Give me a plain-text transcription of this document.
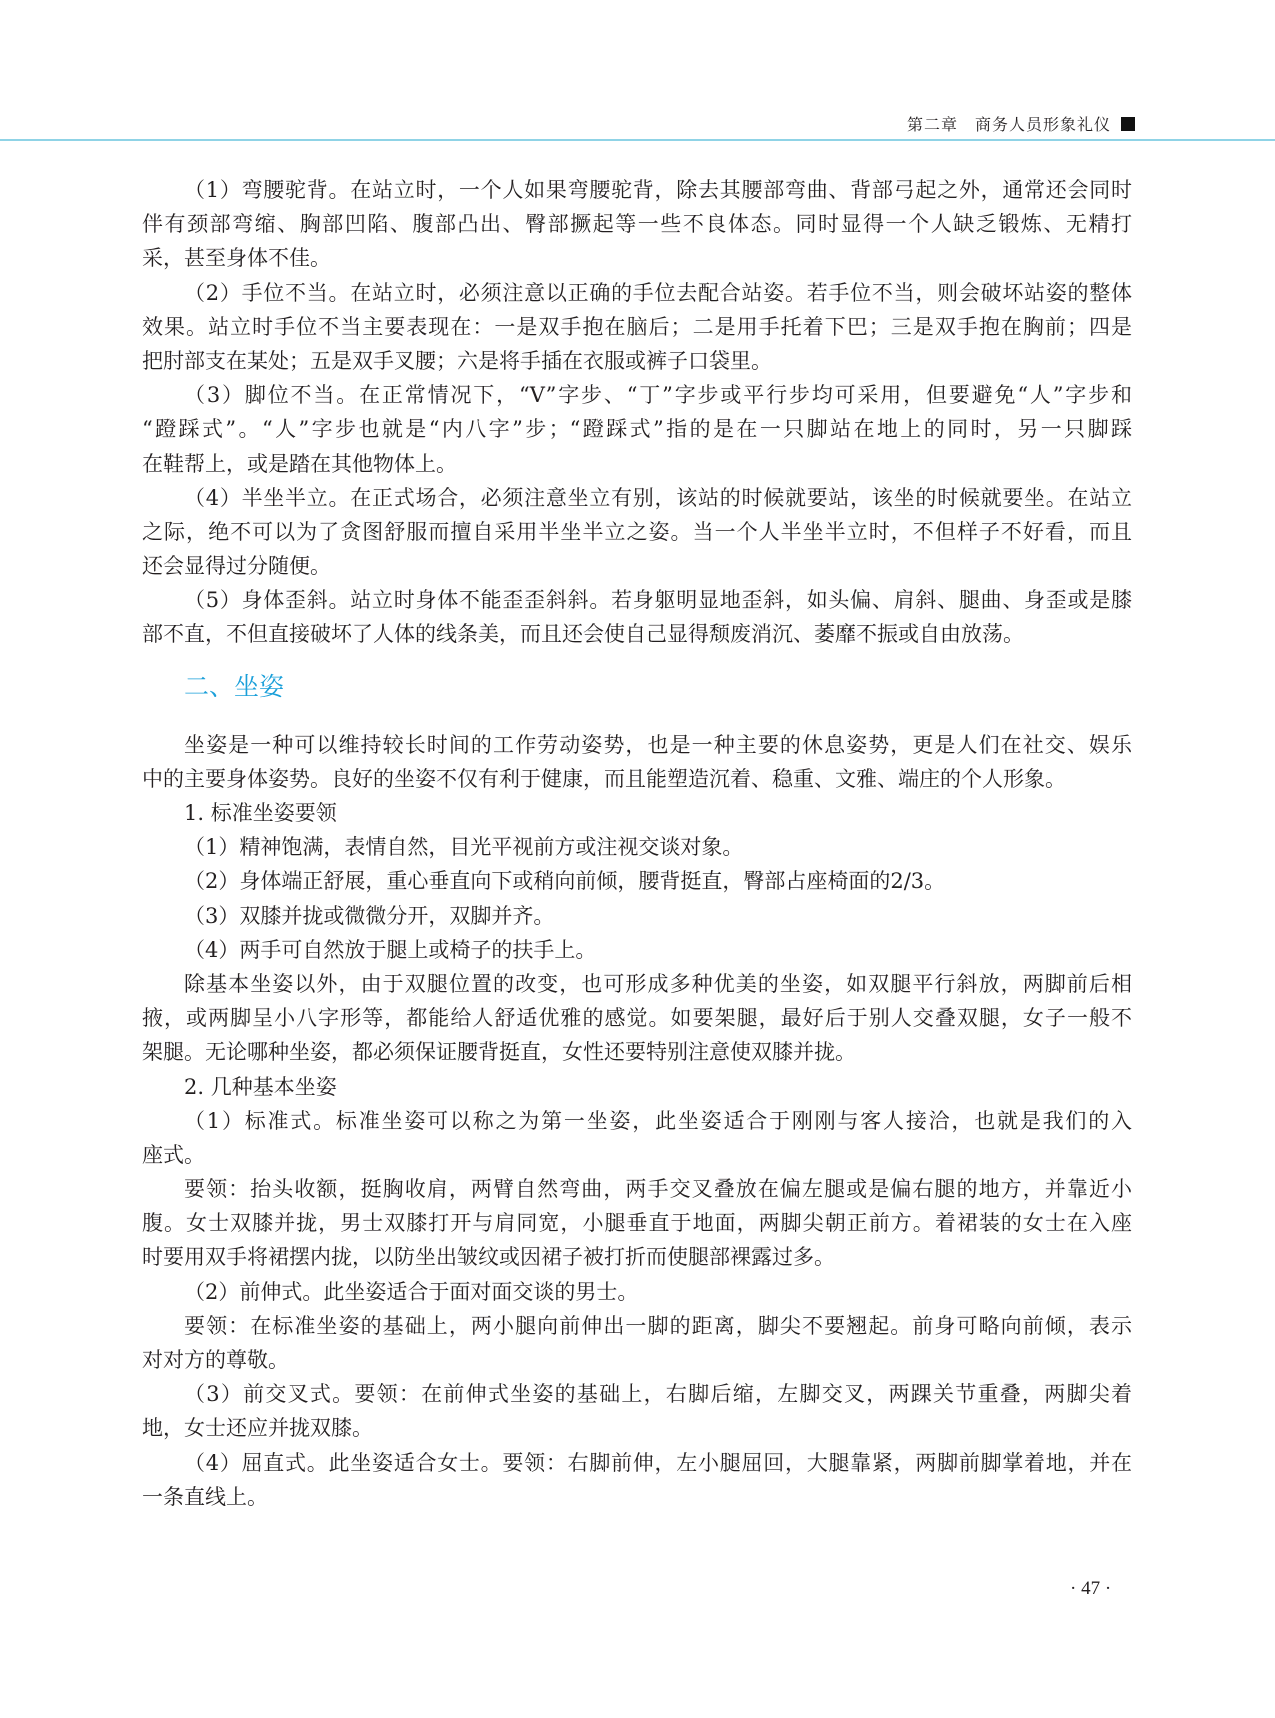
第二章　商务人员形象礼仪
（1）弯腰驼背。在站立时，一个人如果弯腰驼背，除去其腰部弯曲、背部弓起之外，通常还会同时
伴有颈部弯缩、胸部凹陷、腹部凸出、臀部撅起等一些不良体态。同时显得一个人缺乏锻炼、无精打
采，甚至身体不佳。
（2）手位不当。在站立时，必须注意以正确的手位去配合站姿。若手位不当，则会破坏站姿的整体
效果。站立时手位不当主要表现在：一是双手抱在脑后；二是用手托着下巴；三是双手抱在胸前；四是
把肘部支在某处；五是双手叉腰；六是将手插在衣服或裤子口袋里。
（3）脚位不当。在正常情况下，“V”字步、“丁”字步或平行步均可采用，但要避免“人”字步和
“蹬踩式”。“人”字步也就是“内八字”步；“蹬踩式”指的是在一只脚站在地上的同时，另一只脚踩
在鞋帮上，或是踏在其他物体上。
（4）半坐半立。在正式场合，必须注意坐立有别，该站的时候就要站，该坐的时候就要坐。在站立
之际，绝不可以为了贪图舒服而擅自采用半坐半立之姿。当一个人半坐半立时，不但样子不好看，而且
还会显得过分随便。
（5）身体歪斜。站立时身体不能歪歪斜斜。若身躯明显地歪斜，如头偏、肩斜、腿曲、身歪或是膝
部不直，不但直接破坏了人体的线条美，而且还会使自己显得颓废消沉、萎靡不振或自由放荡。
二、坐姿
坐姿是一种可以维持较长时间的工作劳动姿势，也是一种主要的休息姿势，更是人们在社交、娱乐
中的主要身体姿势。良好的坐姿不仅有利于健康，而且能塑造沉着、稳重、文雅、端庄的个人形象。
1. 标准坐姿要领
（1）精神饱满，表情自然，目光平视前方或注视交谈对象。
（2）身体端正舒展，重心垂直向下或稍向前倾，腰背挺直，臀部占座椅面的2/3。
（3）双膝并拢或微微分开，双脚并齐。
（4）两手可自然放于腿上或椅子的扶手上。
除基本坐姿以外，由于双腿位置的改变，也可形成多种优美的坐姿，如双腿平行斜放，两脚前后相
掖，或两脚呈小八字形等，都能给人舒适优雅的感觉。如要架腿，最好后于别人交叠双腿，女子一般不
架腿。无论哪种坐姿，都必须保证腰背挺直，女性还要特别注意使双膝并拢。
2. 几种基本坐姿
（1）标准式。标准坐姿可以称之为第一坐姿，此坐姿适合于刚刚与客人接洽，也就是我们的入
座式。
要领：抬头收额，挺胸收肩，两臂自然弯曲，两手交叉叠放在偏左腿或是偏右腿的地方，并靠近小
腹。女士双膝并拢，男士双膝打开与肩同宽，小腿垂直于地面，两脚尖朝正前方。着裙装的女士在入座
时要用双手将裙摆内拢，以防坐出皱纹或因裙子被打折而使腿部裸露过多。
（2）前伸式。此坐姿适合于面对面交谈的男士。
要领：在标准坐姿的基础上，两小腿向前伸出一脚的距离，脚尖不要翘起。前身可略向前倾，表示
对对方的尊敬。
（3）前交叉式。要领：在前伸式坐姿的基础上，右脚后缩，左脚交叉，两踝关节重叠，两脚尖着
地，女士还应并拢双膝。
（4）屈直式。此坐姿适合女士。要领：右脚前伸，左小腿屈回，大腿靠紧，两脚前脚掌着地，并在
一条直线上。
· 47 ·
